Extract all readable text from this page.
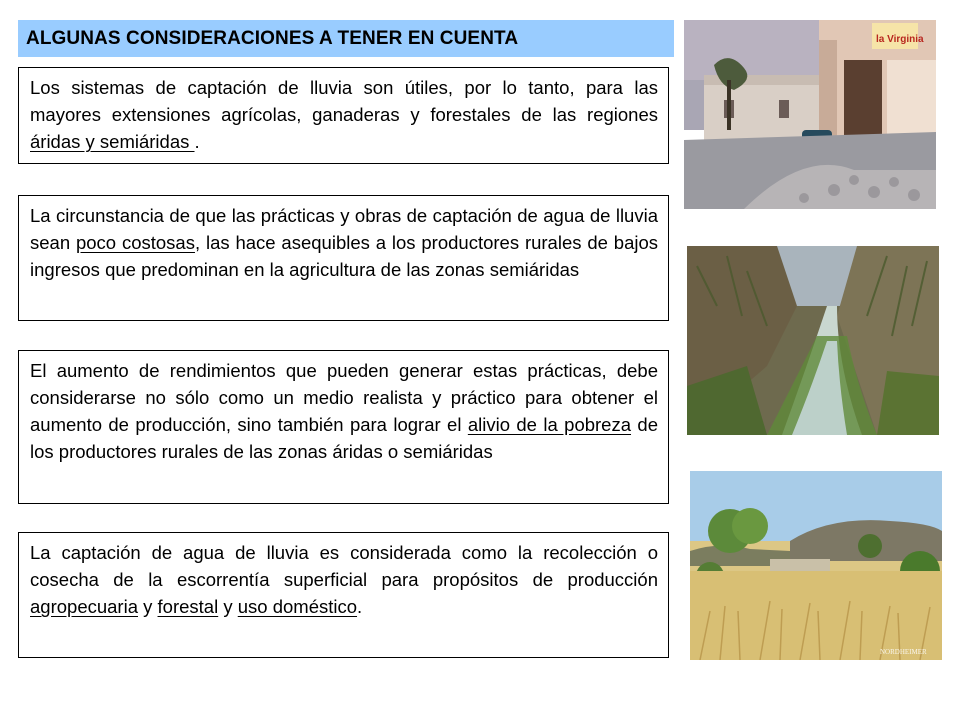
ALGUNAS CONSIDERACIONES A TENER EN CUENTA
Los sistemas de captación de lluvia son útiles, por lo tanto, para las mayores extensiones agrícolas, ganaderas y forestales de las regiones áridas y semiáridas .
La circunstancia de que las prácticas y obras de captación de agua de lluvia sean poco costosas, las hace asequibles a los productores rurales de bajos ingresos que predominan en la agricultura de las zonas semiáridas
El aumento de rendimientos que pueden generar estas prácticas, debe considerarse no sólo como un medio realista y práctico para obtener el aumento de producción, sino también para lograr el alivio de la pobreza de los productores rurales de las zonas áridas o semiáridas
La captación de agua de lluvia es considerada como la recolección o cosecha de la escorrentía superficial para propósitos de producción agropecuaria y forestal y uso doméstico.
la Virginia
NORDHEIMER
